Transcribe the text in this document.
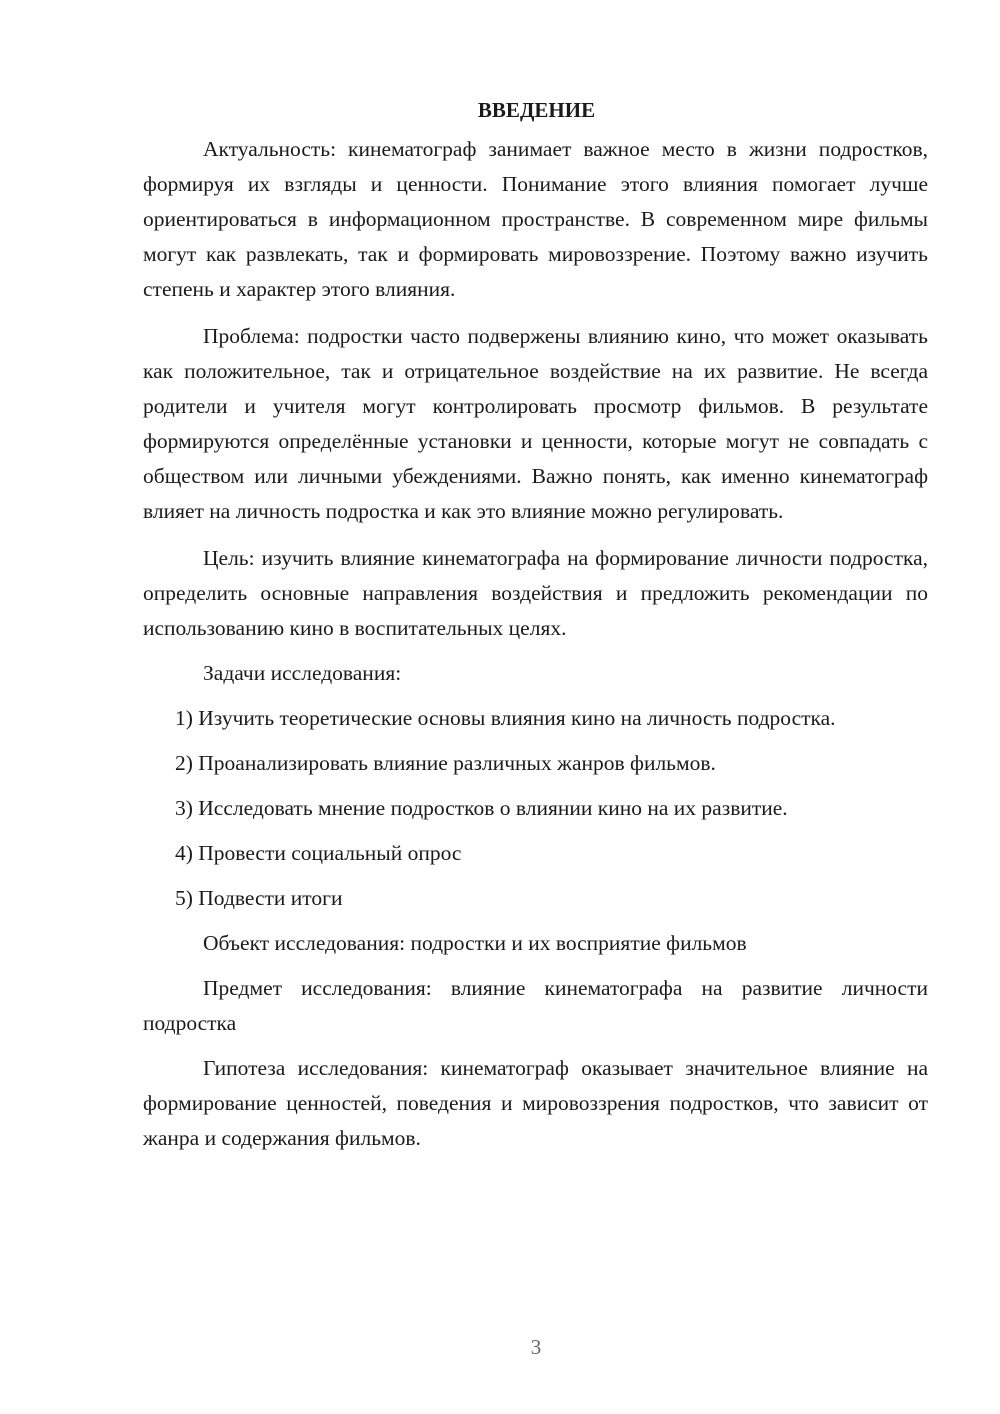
ВВЕДЕНИЕ

Актуальность: кинематограф занимает важное место в жизни подростков, формируя их взгляды и ценности. Понимание этого влияния помогает лучше ориентироваться в информационном пространстве. В современном мире фильмы могут как развлекать, так и формировать мировоззрение. Поэтому важно изучить степень и характер этого влияния.

Проблема: подростки часто подвержены влиянию кино, что может оказывать как положительное, так и отрицательное воздействие на их развитие. Не всегда родители и учителя могут контролировать просмотр фильмов. В результате формируются определённые установки и ценности, которые могут не совпадать с обществом или личными убеждениями. Важно понять, как именно кинематограф влияет на личность подростка и как это влияние можно регулировать.

Цель: изучить влияние кинематографа на формирование личности подростка, определить основные направления воздействия и предложить рекомендации по использованию кино в воспитательных целях.

Задачи исследования:

1) Изучить теоретические основы влияния кино на личность подростка.

2) Проанализировать влияние различных жанров фильмов.

3) Исследовать мнение подростков о влиянии кино на их развитие.

4) Провести социальный опрос

5) Подвести итоги

Объект исследования: подростки и их восприятие фильмов

Предмет исследования: влияние кинематографа на развитие личности подростка

Гипотеза исследования: кинематограф оказывает значительное влияние на формирование ценностей, поведения и мировоззрения подростков, что зависит от жанра и содержания фильмов.

3
